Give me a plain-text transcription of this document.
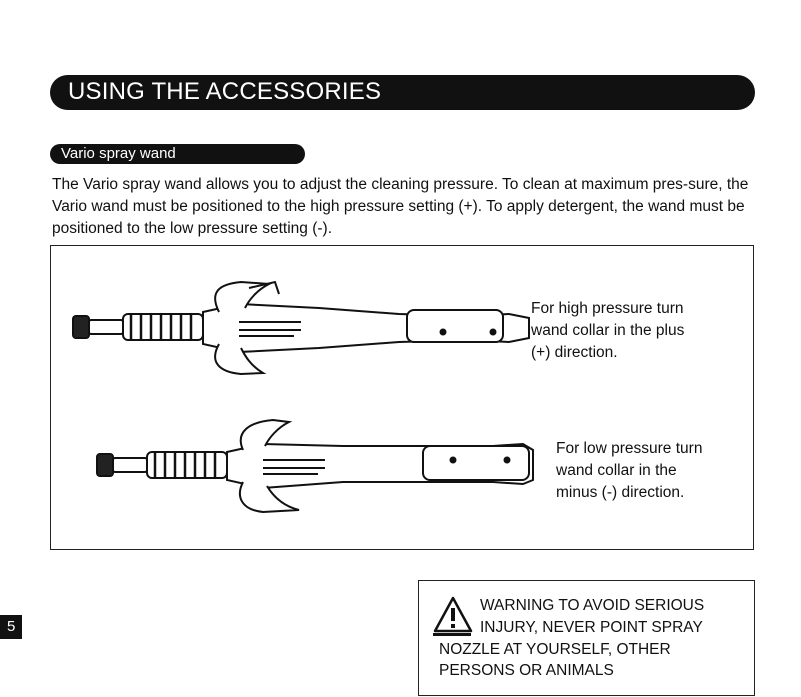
USING THE ACCESSORIES
Vario spray wand

The Vario spray wand allows you to adjust the cleaning pressure. To clean at maximum pres-sure, the Vario wand must be positioned to the high pressure setting (+). To apply detergent, the wand must be positioned to the low pressure setting (-).

For high pressure turn
wand collar in the plus
(+) direction.

For low pressure turn
wand collar in the
minus (-) direction.

WARNING TO AVOID SERIOUS
INJURY, NEVER POINT SPRAY
NOZZLE AT YOURSELF, OTHER
PERSONS OR ANIMALS
5
